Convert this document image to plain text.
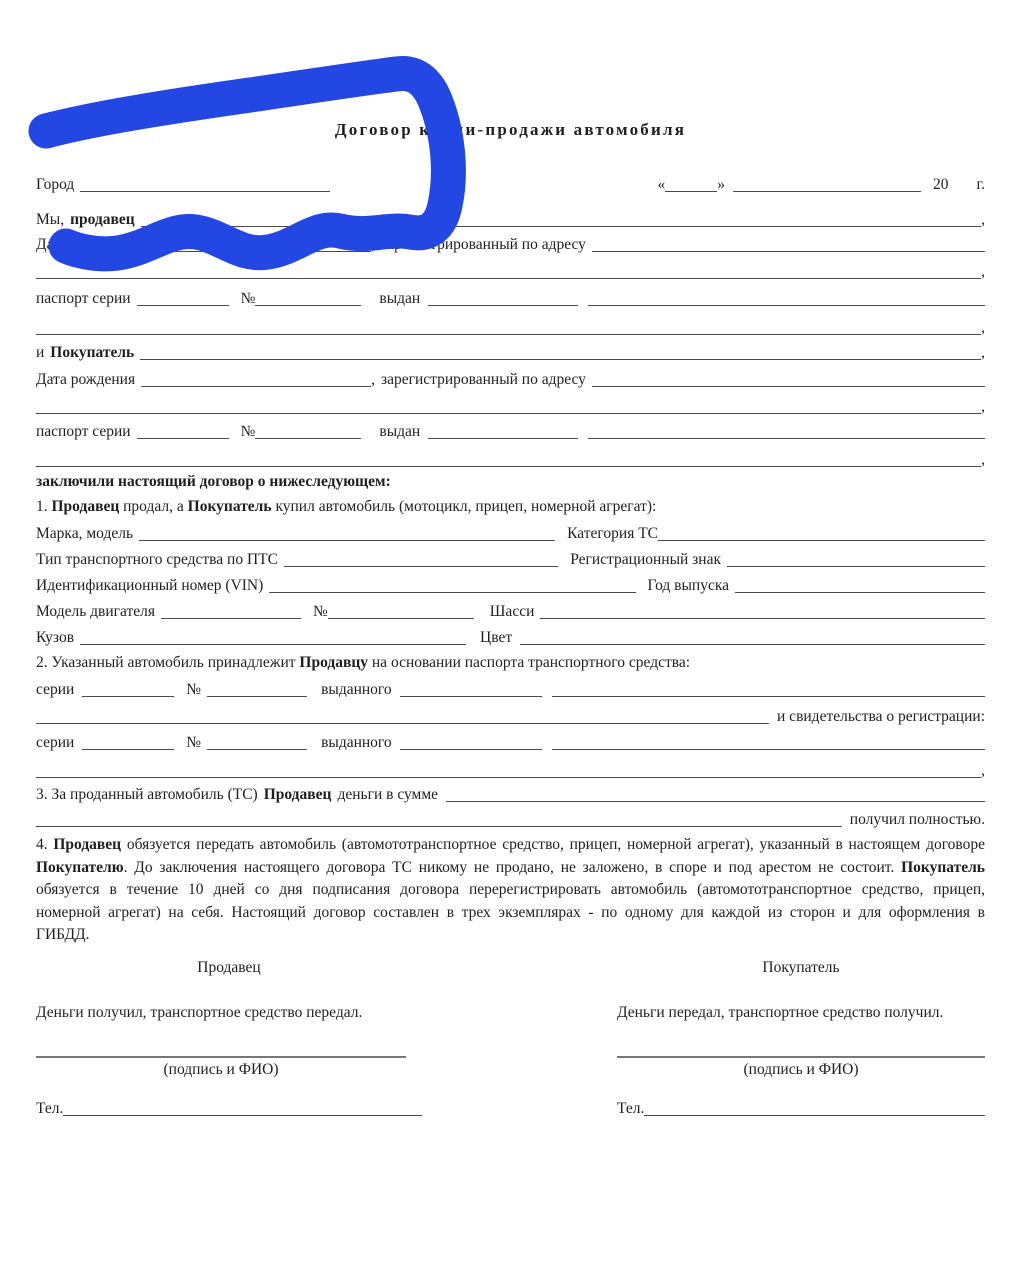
Договор купли-продажи автомобиля
Город	«	»	20 г.
Мы, продавец	,
Дата рождения	, зарегистрированный по адресу
,
паспорт серии	№	выдан
,
и Покупатель	,
Дата рождения	, зарегистрированный по адресу
,
паспорт серии	№	выдан
,
заключили настоящий договор о нижеследующем:
1. Продавец продал, а Покупатель купил автомобиль (мотоцикл, прицеп, номерной агрегат):
Марка, модель	Категория ТС
Тип транспортного средства по ПТС	Регистрационный знак
Идентификационный номер (VIN)	Год выпуска
Модель двигателя	№	Шасси
Кузов	Цвет
2. Указанный автомобиль принадлежит Продавцу на основании паспорта транспортного средства:
серии	№	выданного
и свидетельства о регистрации:
серии	№	выданного
,
3. За проданный автомобиль (ТС) Продавец деньги в сумме
получил полностью.
4. Продавец обязуется передать автомобиль (автомототранспортное средство, прицеп, номерной агрегат), указанный в настоящем договоре Покупателю. До заключения настоящего договора ТС никому не продано, не заложено, в споре и под арестом не состоит. Покупатель обязуется в течение 10 дней со дня подписания договора перерегистрировать автомобиль (автомототранспортное средство, прицеп, номерной агрегат) на себя. Настоящий договор составлен в трех экземплярах - по одному для каждой из сторон и для оформления в ГИБДД.
Продавец
Деньги получил, транспортное средство передал.
(подпись и ФИО)
Тел.
Покупатель
Деньги передал, транспортное средство получил.
(подпись и ФИО)
Тел.
